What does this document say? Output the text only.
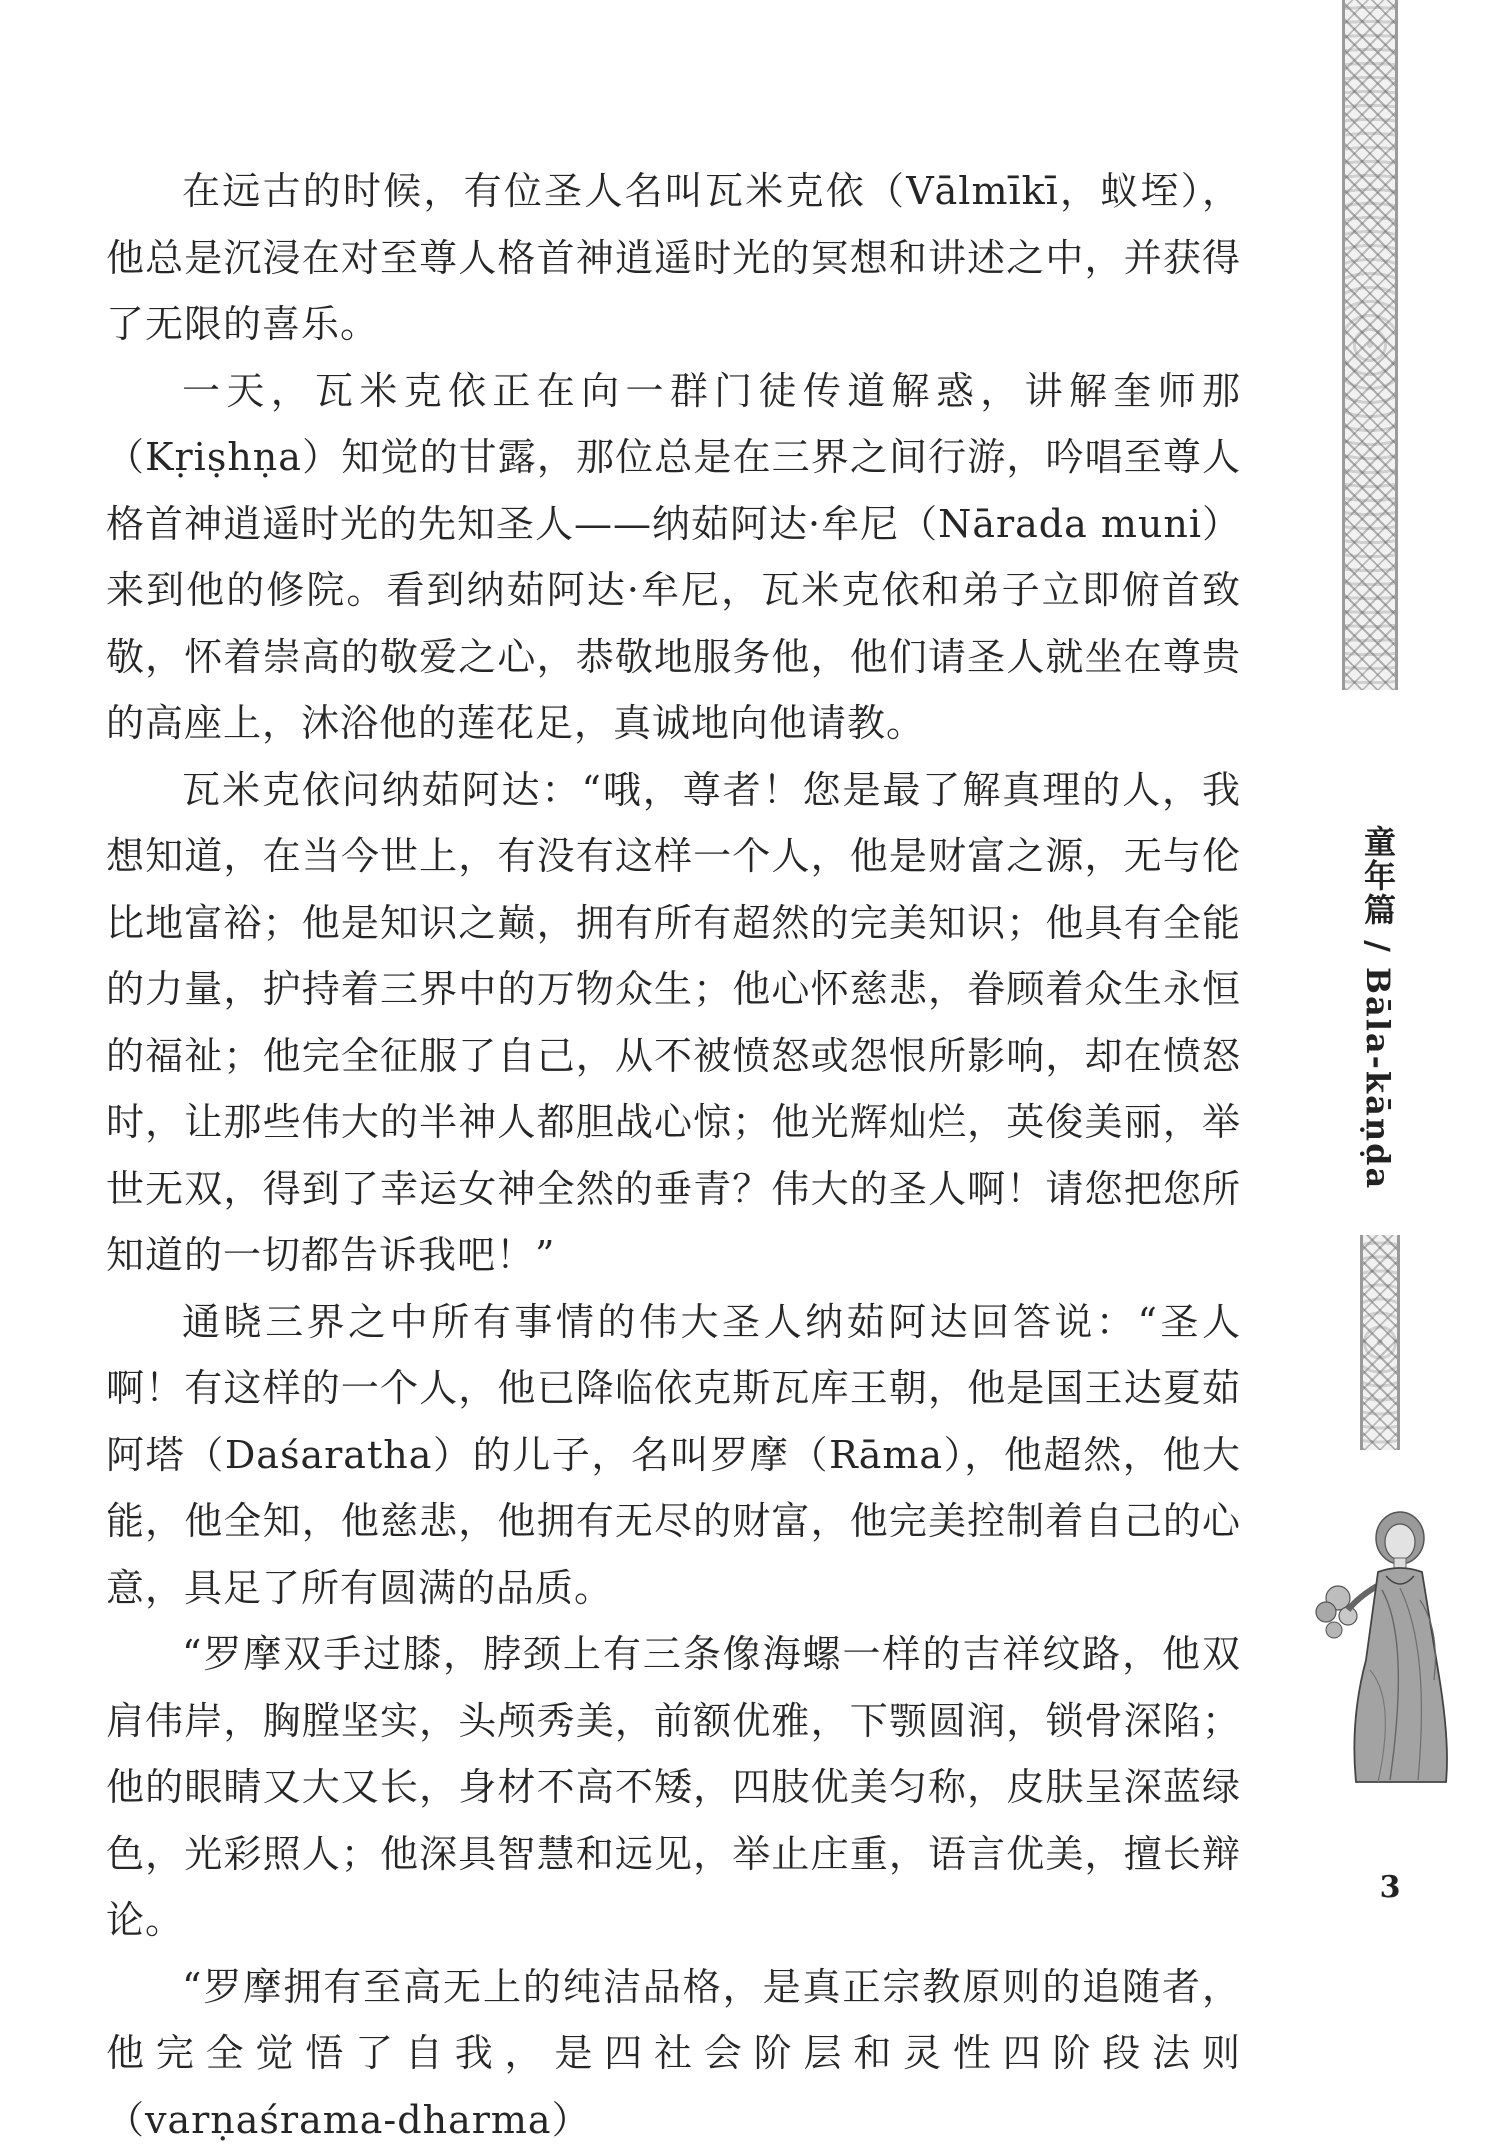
在远古的时候，有位圣人名叫瓦米克依（Vālmīkī，蚁垤），他总是沉浸在对至尊人格首神逍遥时光的冥想和讲述之中，并获得了无限的喜乐。

一天，瓦米克依正在向一群门徒传道解惑，讲解奎师那（Kṛiṣhṇa）知觉的甘露，那位总是在三界之间行游，吟唱至尊人格首神逍遥时光的先知圣人——纳茹阿达·牟尼（Nārada muni）来到他的修院。看到纳茹阿达·牟尼，瓦米克依和弟子立即俯首致敬，怀着崇高的敬爱之心，恭敬地服务他，他们请圣人就坐在尊贵的高座上，沐浴他的莲花足，真诚地向他请教。

瓦米克依问纳茹阿达：“哦，尊者！您是最了解真理的人，我想知道，在当今世上，有没有这样一个人，他是财富之源，无与伦比地富裕；他是知识之巅，拥有所有超然的完美知识；他具有全能的力量，护持着三界中的万物众生；他心怀慈悲，眷顾着众生永恒的福祉；他完全征服了自己，从不被愤怒或怨恨所影响，却在愤怒时，让那些伟大的半神人都胆战心惊；他光辉灿烂，英俊美丽，举世无双，得到了幸运女神全然的垂青？伟大的圣人啊！请您把您所知道的一切都告诉我吧！”

通晓三界之中所有事情的伟大圣人纳茹阿达回答说：“圣人啊！有这样的一个人，他已降临依克斯瓦库王朝，他是国王达夏茹阿塔（Daśaratha）的儿子，名叫罗摩（Rāma），他超然，他大能，他全知，他慈悲，他拥有无尽的财富，他完美控制着自己的心意，具足了所有圆满的品质。

“罗摩双手过膝，脖颈上有三条像海螺一样的吉祥纹路，他双肩伟岸，胸膛坚实，头颅秀美，前额优雅，下颚圆润，锁骨深陷；他的眼睛又大又长，身材不高不矮，四肢优美匀称，皮肤呈深蓝绿色，光彩照人；他深具智慧和远见，举止庄重，语言优美，擅长辩论。

“罗摩拥有至高无上的纯洁品格，是真正宗教原则的追随者，他完全觉悟了自我，是四社会阶层和灵性四阶段法则（varṇaśrama-dharma）

童年篇 / Bāla-kāṇḍa
3
